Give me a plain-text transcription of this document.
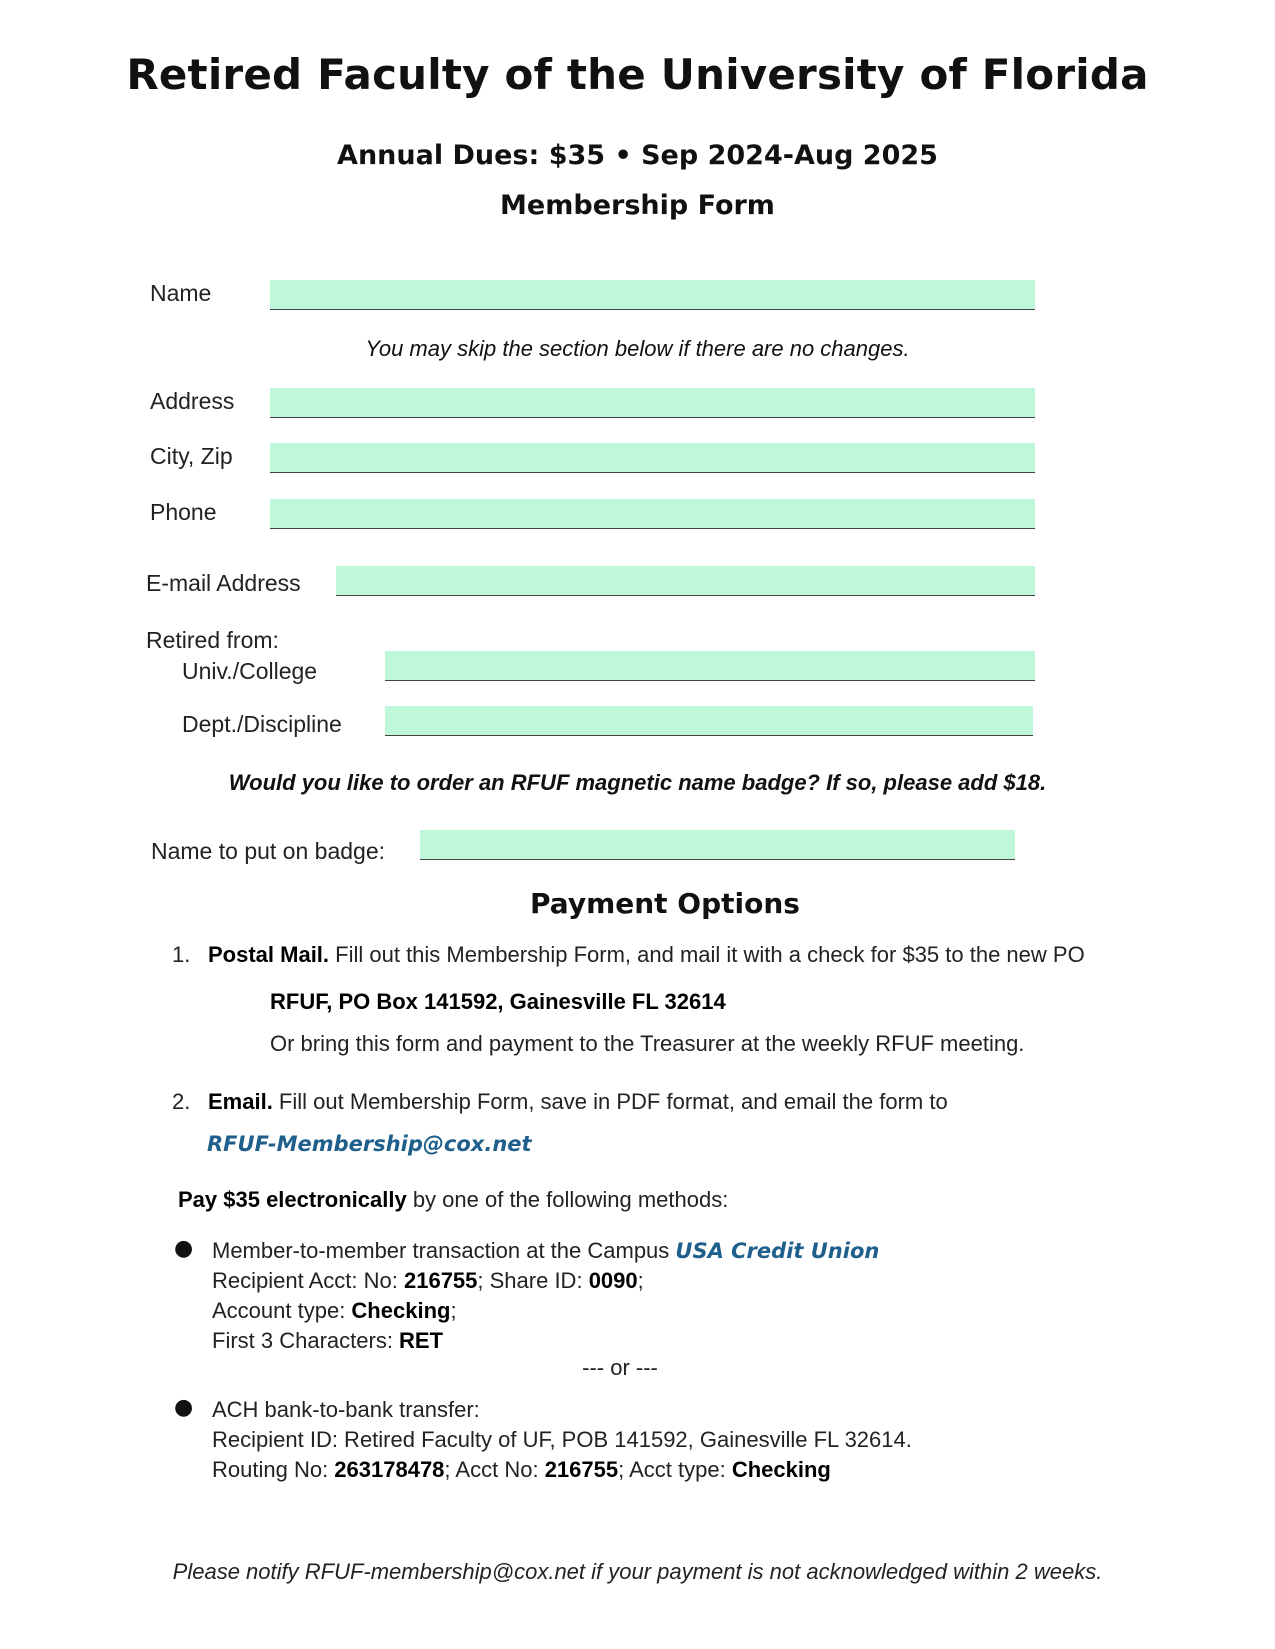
Retired Faculty of the University of Florida
Annual Dues: $35 • Sep 2024-Aug 2025
Membership Form
Name
You may skip the section below if there are no changes.
Address
City, Zip
Phone
E-mail Address
Retired from:
Univ./College
Dept./Discipline
Would you like to order an RFUF magnetic name badge? If so, please add $18.
Name to put on badge:
Payment Options
1. Postal Mail. Fill out this Membership Form, and mail it with a check for $35 to the new PO
RFUF, PO Box 141592, Gainesville FL 32614
Or bring this form and payment to the Treasurer at the weekly RFUF meeting.
2. Email. Fill out Membership Form, save in PDF format, and email the form to
RFUF-Membership@cox.net
Pay $35 electronically by one of the following methods:
● Member-to-member transaction at the Campus USA Credit Union
Recipient Acct: No: 216755; Share ID: 0090;
Account type: Checking;
First 3 Characters: RET
--- or ---
● ACH bank-to-bank transfer:
Recipient ID: Retired Faculty of UF, POB 141592, Gainesville FL 32614.
Routing No: 263178478; Acct No: 216755; Acct type: Checking
Please notify RFUF-membership@cox.net if your payment is not acknowledged within 2 weeks.
